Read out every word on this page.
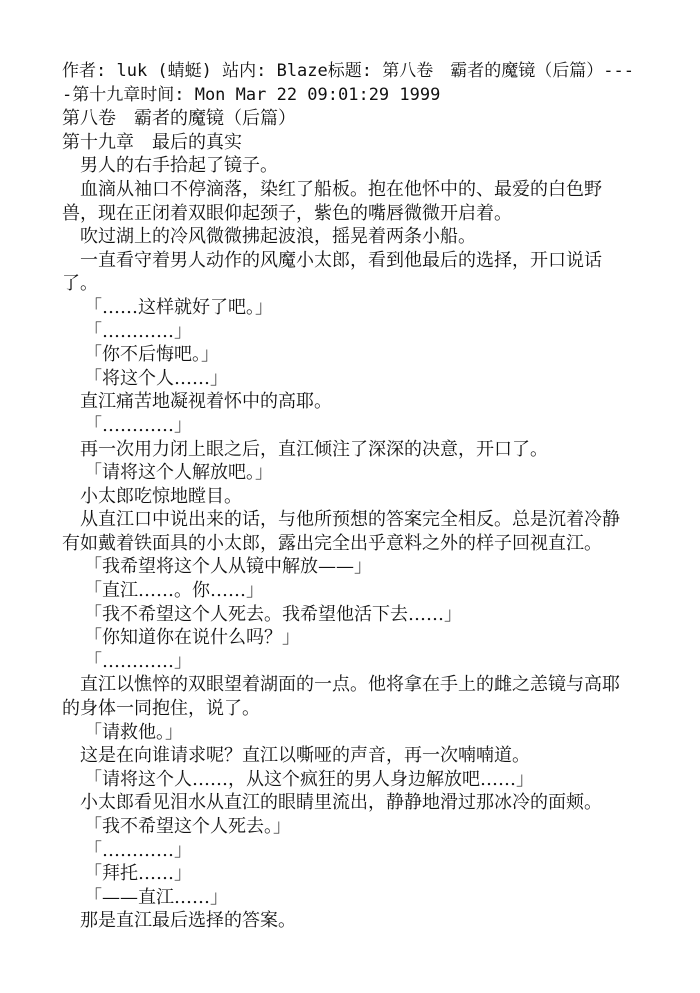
作者: luk (蜻蜓) 站内: Blaze标题: 第八卷　霸者的魔镜（后篇）----第十九章时间: Mon Mar 22 09:01:29 1999

第八卷　霸者的魔镜（后篇）

第十九章　最后的真实

男人的右手拾起了镜子。

血滴从袖口不停滴落，染红了船板。抱在他怀中的、最爱的白色野兽，现在正闭着双眼仰起颈子，紫色的嘴唇微微开启着。

吹过湖上的冷风微微拂起波浪，摇晃着两条小船。

一直看守着男人动作的风魔小太郎，看到他最后的选择，开口说话了。

「……这样就好了吧。」

「…………」

「你不后悔吧。」

「将这个人……」

直江痛苦地凝视着怀中的高耶。

「…………」

再一次用力闭上眼之后，直江倾注了深深的决意，开口了。

「请将这个人解放吧。」

小太郎吃惊地瞠目。

从直江口中说出来的话，与他所预想的答案完全相反。总是沉着冷静有如戴着铁面具的小太郎，露出完全出乎意料之外的样子回视直江。

「我希望将这个人从镜中解放——」

「直江……。你……」

「我不希望这个人死去。我希望他活下去……」

「你知道你在说什么吗？」

「…………」

直江以憔悴的双眼望着湖面的一点。他将拿在手上的雌之恙镜与高耶的身体一同抱住，说了。

「请救他。」

这是在向谁请求呢？直江以嘶哑的声音，再一次喃喃道。

「请将这个人……，从这个疯狂的男人身边解放吧……」

小太郎看见泪水从直江的眼睛里流出，静静地滑过那冰冷的面颊。

「我不希望这个人死去。」

「…………」

「拜托……」

「——直江……」

那是直江最后选择的答案。
